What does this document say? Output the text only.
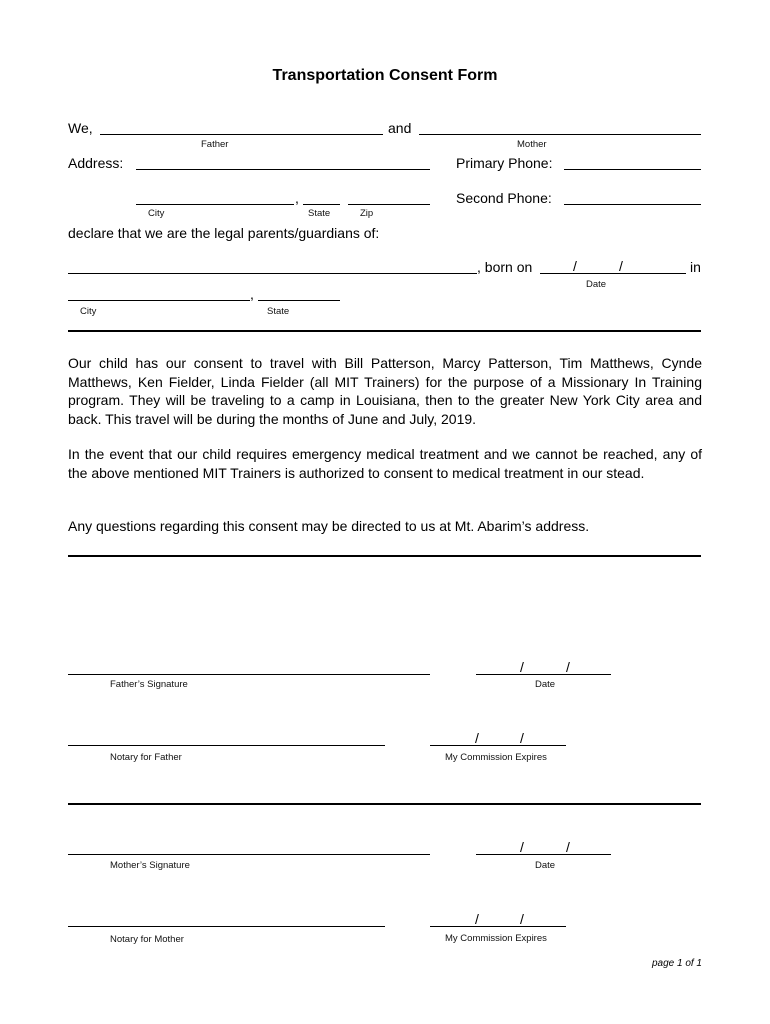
Transportation Consent Form
We,	and
Father	Mother
Address:	Primary Phone:
,	Second Phone:
City	State	Zip
declare that we are the legal parents/guardians of:
, born on	/	/	in
Date
,
City	State
Our child has our consent to travel with Bill Patterson, Marcy Patterson, Tim Matthews, Cynde Matthews, Ken Fielder, Linda Fielder (all MIT Trainers) for the purpose of a Missionary In Training program. They will be traveling to a camp in Louisiana, then to the greater New York City area and back. This travel will be during the months of June and July, 2019.
In the event that our child requires emergency medical treatment and we cannot be reached, any of the above mentioned MIT Trainers is authorized to consent to medical treatment in our stead.
Any questions regarding this consent may be directed to us at Mt. Abarim’s address.
Father’s Signature
/	/
Date
Notary for Father
/	/
My Commission Expires
Mother’s Signature
/	/
Date
Notary for Mother
/	/
My Commission Expires
page 1 of 1
